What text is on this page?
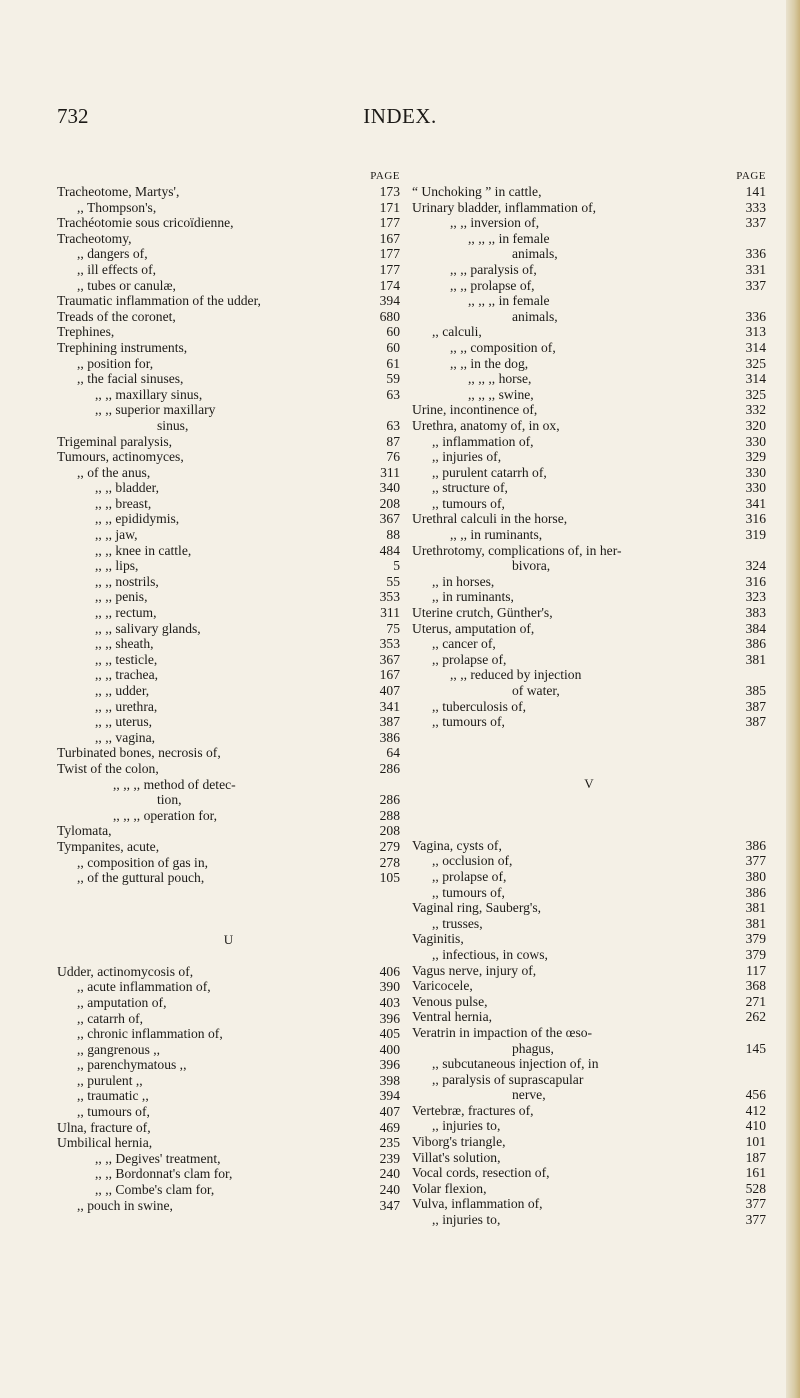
732	INDEX.
PAGE
Tracheotome, Martys',	173
,, Thompson's,	171
Trachéotomie sous cricoïdienne,	177
Tracheotomy,	167
,, dangers of,	177
,, ill effects of,	177
,, tubes or canulæ,	174
Traumatic inflammation of the udder,	394
Treads of the coronet,	680
Trephines,	60
Trephining instruments,	60
,, position for,	61
,, the facial sinuses,	59
,, ,, maxillary sinus,	63
,, ,, superior maxillary
sinus,	63
Trigeminal paralysis,	87
Tumours, actinomyces,	76
,, of the anus,	311
,, ,, bladder,	340
,, ,, breast,	208
,, ,, epididymis,	367
,, ,, jaw,	88
,, ,, knee in cattle,	484
,, ,, lips,	5
,, ,, nostrils,	55
,, ,, penis,	353
,, ,, rectum,	311
,, ,, salivary glands,	75
,, ,, sheath,	353
,, ,, testicle,	367
,, ,, trachea,	167
,, ,, udder,	407
,, ,, urethra,	341
,, ,, uterus,	387
,, ,, vagina,	386
Turbinated bones, necrosis of,	64
Twist of the colon,	286
,, ,, ,, method of detec-
tion,	286
,, ,, ,, operation for,	288
Tylomata,	208
Tympanites, acute,	279
,, composition of gas in,	278
,, of the guttural pouch,	105
U
Udder, actinomycosis of,	406
,, acute inflammation of,	390
,, amputation of,	403
,, catarrh of,	396
,, chronic inflammation of,	405
,, gangrenous ,,	400
,, parenchymatous ,,	396
,, purulent ,,	398
,, traumatic ,,	394
,, tumours of,	407
Ulna, fracture of,	469
Umbilical hernia,	235
,, ,, Degives' treatment,	239
,, ,, Bordonnat's clam for,	240
,, ,, Combe's clam for,	240
,, pouch in swine,	347
PAGE
“ Unchoking ” in cattle,	141
Urinary bladder, inflammation of,	333
,, ,, inversion of,	337
,, ,, ,, in female
animals,	336
,, ,, paralysis of,	331
,, ,, prolapse of,	337
,, ,, ,, in female
animals,	336
,, calculi,	313
,, ,, composition of,	314
,, ,, in the dog,	325
,, ,, ,, horse,	314
,, ,, ,, swine,	325
Urine, incontinence of,	332
Urethra, anatomy of, in ox,	320
,, inflammation of,	330
,, injuries of,	329
,, purulent catarrh of,	330
,, structure of,	330
,, tumours of,	341
Urethral calculi in the horse,	316
,, ,, in ruminants,	319
Urethrotomy, complications of, in her-
bivora,	324
,, in horses,	316
,, in ruminants,	323
Uterine crutch, Günther's,	383
Uterus, amputation of,	384
,, cancer of,	386
,, prolapse of,	381
,, ,, reduced by injection
of water,	385
,, tuberculosis of,	387
,, tumours of,	387
V
Vagina, cysts of,	386
,, occlusion of,	377
,, prolapse of,	380
,, tumours of,	386
Vaginal ring, Sauberg's,	381
,, trusses,	381
Vaginitis,	379
,, infectious, in cows,	379
Vagus nerve, injury of,	117
Varicocele,	368
Venous pulse,	271
Ventral hernia,	262
Veratrin in impaction of the œso-
phagus,	145
,, subcutaneous injection of, in
,, paralysis of suprascapular
nerve,	456
Vertebræ, fractures of,	412
,, injuries to,	410
Viborg's triangle,	101
Villat's solution,	187
Vocal cords, resection of,	161
Volar flexion,	528
Vulva, inflammation of,	377
,, injuries to,	377
